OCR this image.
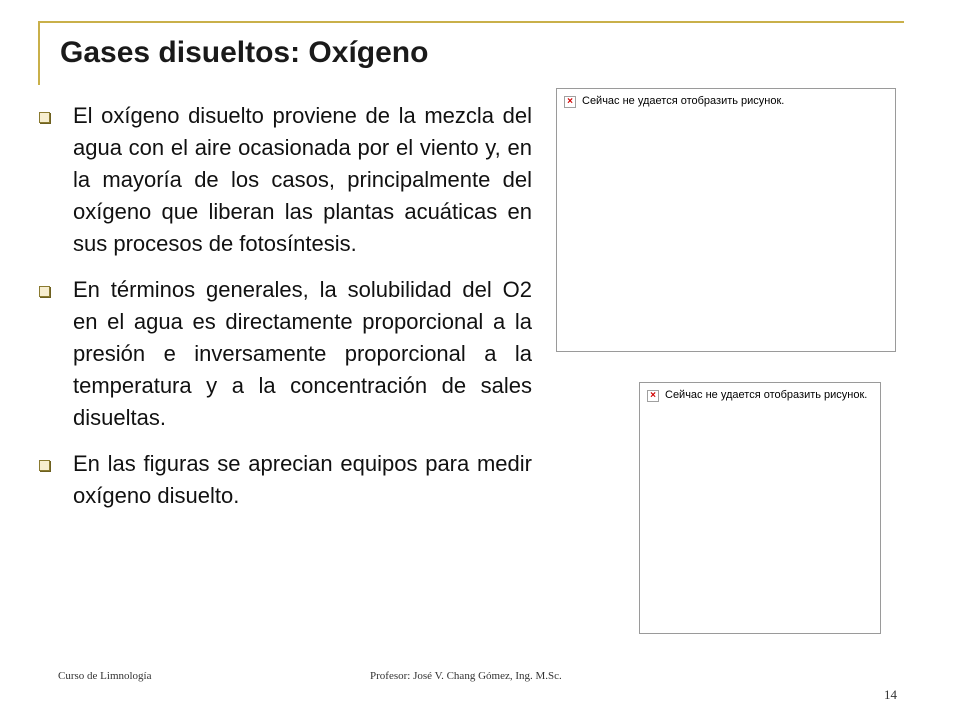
Gases disueltos: Oxígeno
El oxígeno disuelto proviene de la mezcla del agua con el aire ocasionada por el viento y, en la mayoría de los casos, principalmente del oxígeno que liberan las plantas acuáticas en sus procesos de fotosíntesis.
En términos generales, la solubilidad del O2 en el agua es directamente proporcional a la presión e inversamente proporcional a la temperatura y a la concentración de sales disueltas.
En las figuras se aprecian equipos para medir oxígeno disuelto.
× Сейчас не удается отобразить рисунок.
× Сейчас не удается отобразить рисунок.
Curso de Limnología	Profesor: José V. Chang Gómez, Ing. M.Sc.
14
